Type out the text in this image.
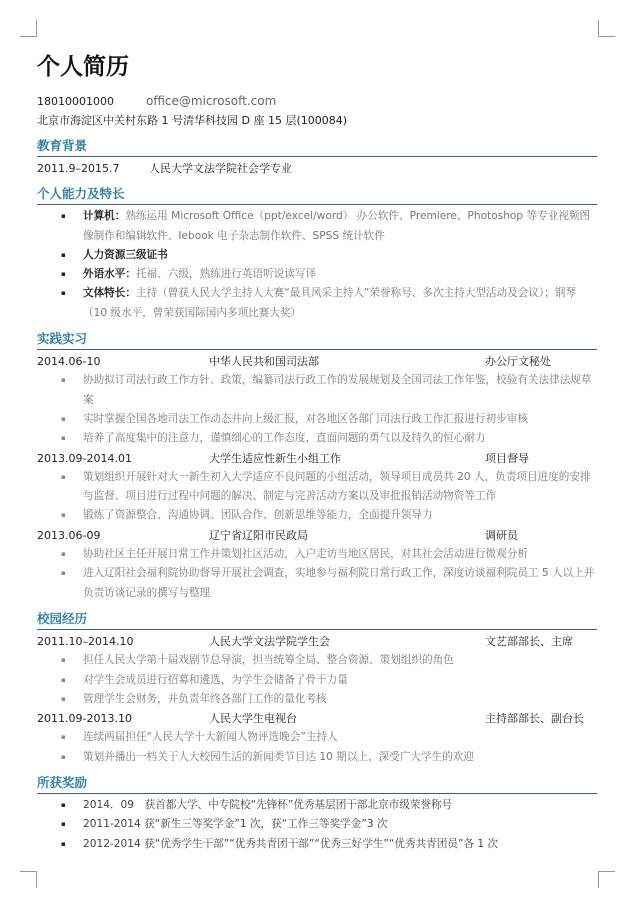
个人简历
18010001000	office@microsoft.com
北京市海淀区中关村东路 1 号清华科技园 D 座 15 层(100084)
教育背景
2011.9–2015.7	人民大学文法学院社会学专业
个人能力及特长
▪ 计算机：熟练运用 Microsoft Office（ppt/excel/word） 办公软件、Premiere、Photoshop 等专业视频图像制作和编辑软件、Iebook 电子杂志制作软件、SPSS 统计软件
▪ 人力资源三级证书
▪ 外语水平：托福、六级，熟练进行英语听说读写译
▪ 文体特长：主持（曾获人民大学主持人大赛“最具风采主持人”荣誉称号、多次主持大型活动及会议）；钢琴（10 级水平，曾荣获国际国内多项比赛大奖）
实践实习
2014.06-10	中华人民共和国司法部	办公厅文秘处
▪ 协助拟订司法行政工作方针、政策，编纂司法行政工作的发展规划及全国司法工作年鉴，校验有关法律法规草案
▪ 实时掌握全国各地司法工作动态并向上级汇报，对各地区各部门司法行政工作汇报进行初步审核
▪ 培养了高度集中的注意力，谨慎细心的工作态度，直面问题的勇气以及持久的恒心耐力
2013.09-2014.01	大学生适应性新生小组工作	项目督导
▪ 策划组织开展针对大一新生初入大学适应不良问题的小组活动，领导项目成员共 20 人，负责项目进度的安排与监督、项目进行过程中问题的解决、制定与完善活动方案以及审批报销活动物资等工作
▪ 锻炼了资源整合、沟通协调、团队合作、创新思维等能力，全面提升领导力
2013.06-09	辽宁省辽阳市民政局	调研员
▪ 协助社区主任开展日常工作并策划社区活动，入户走访当地区居民，对其社会活动进行微观分析
▪ 进入辽阳社会福利院协助督导开展社会调查，实地参与福利院日常行政工作，深度访谈福利院员工 5 人以上并负责访谈记录的撰写与整理
校园经历
2011.10–2014.10	人民大学文法学院学生会	文艺部部长、主席
▪ 担任人民大学第十届戏剧节总导演，担当统筹全局、整合资源、策划组织的角色
▪ 对学生会成员进行招募和遴选，为学生会储备了骨干力量
▪ 管理学生会财务，并负责年终各部门工作的量化考核
2011.09-2013.10	人民大学生电视台	主持部部长、副台长
▪ 连续两届担任“人民大学十大新闻人物评选晚会”主持人
▪ 策划并播出一档关于人大校园生活的新闻类节目达 10 期以上，深受广大学生的欢迎
所获奖励
▪ 2014．09　获首都大学、中专院校“先锋杯”优秀基层团干部北京市级荣誉称号
▪ 2011-2014 获“新生三等奖学金”1 次，获“工作三等奖学金”3 次
▪ 2012-2014 获“优秀学生干部”“优秀共青团干部”“优秀三好学生”“优秀共青团员”各 1 次
